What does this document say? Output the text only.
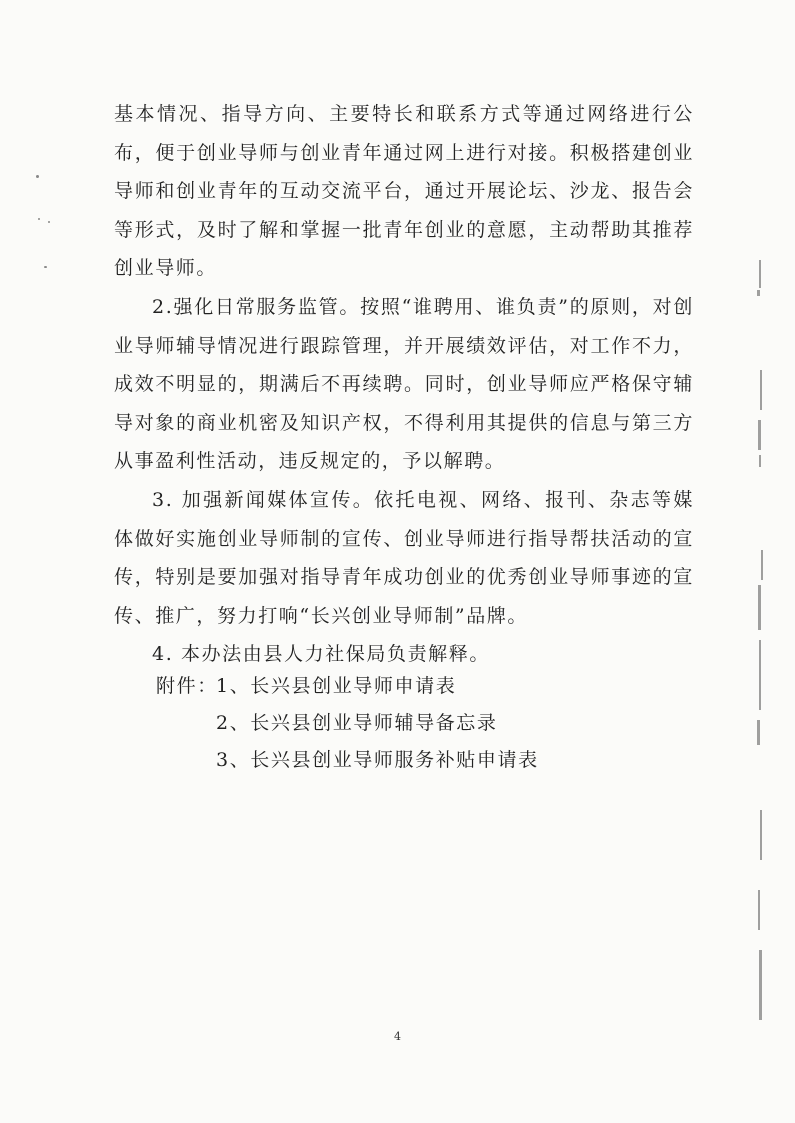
基本情况、指导方向、主要特长和联系方式等通过网络进行公布，便于创业导师与创业青年通过网上进行对接。积极搭建创业导师和创业青年的互动交流平台，通过开展论坛、沙龙、报告会等形式，及时了解和掌握一批青年创业的意愿，主动帮助其推荐创业导师。

2.强化日常服务监管。按照“谁聘用、谁负责”的原则，对创业导师辅导情况进行跟踪管理，并开展绩效评估，对工作不力，成效不明显的，期满后不再续聘。同时，创业导师应严格保守辅导对象的商业机密及知识产权，不得利用其提供的信息与第三方从事盈利性活动，违反规定的，予以解聘。

3. 加强新闻媒体宣传。依托电视、网络、报刊、杂志等媒体做好实施创业导师制的宣传、创业导师进行指导帮扶活动的宣传，特别是要加强对指导青年成功创业的优秀创业导师事迹的宣传、推广，努力打响“长兴创业导师制”品牌。

4. 本办法由县人力社保局负责解释。

附件：1、长兴县创业导师申请表
2、长兴县创业导师辅导备忘录
3、长兴县创业导师服务补贴申请表
4
